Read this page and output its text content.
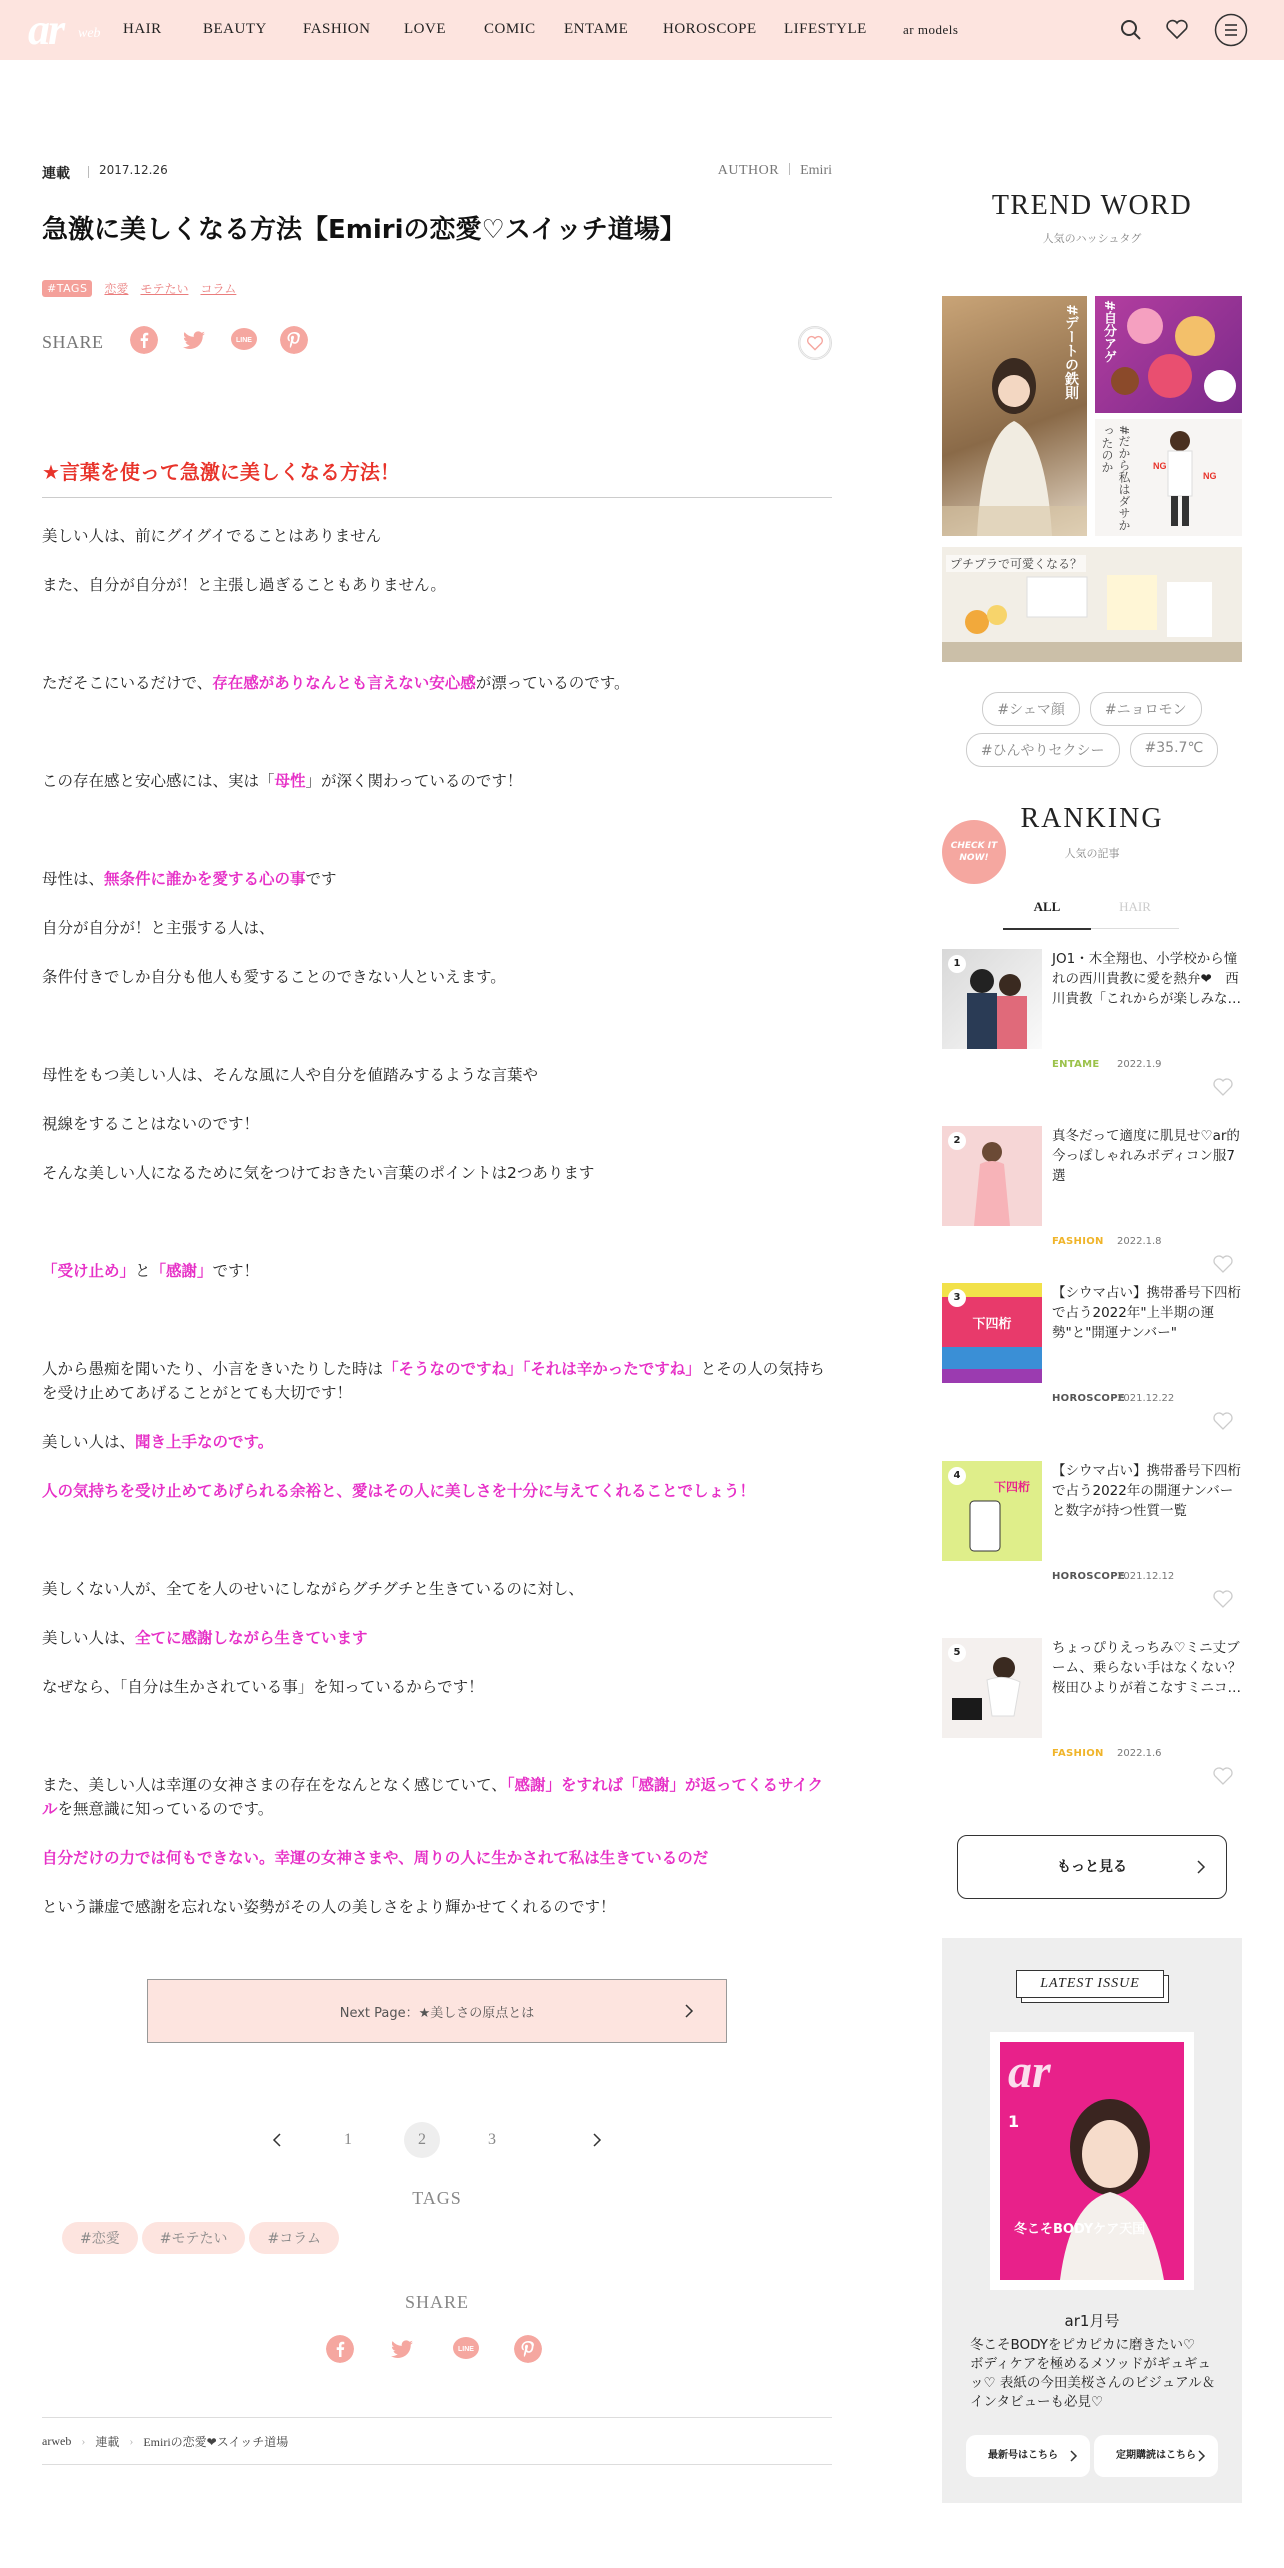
ar web HAIR	BEAUTY FASHION LOVE	COMIC ENTAME HOROSCOPE LIFESTYLE	ar models
連載 2017.12.26	AUTHOR Emiri
急激に美しくなる方法【Emiriの恋愛♡スイッチ道場】
#TAGS	恋愛 モテたい コラム
SHARE	LINE
★言葉を使って急激に美しくなる方法！

美しい人は、前にグイグイでることはありません

また、自分が自分が！と主張し過ぎることもありません。

ただそこにいるだけで、存在感がありなんとも言えない安心感が漂っているのです。

この存在感と安心感には、実は「母性」が深く関わっているのです！

母性は、無条件に誰かを愛する心の事です

自分が自分が！と主張する人は、

条件付きでしか自分も他人も愛することのできない人といえます。

母性をもつ美しい人は、そんな風に人や自分を値踏みするような言葉や

視線をすることはないのです！

そんな美しい人になるために気をつけておきたい言葉のポイントは2つあります

「受け止め」と「感謝」です！

人から愚痴を聞いたり、小言をきいたりした時は「そうなのですね」「それは辛かったですね」とその人の気持ちを受け止めてあげることがとても大切です！

美しい人は、聞き上手なのです。

人の気持ちを受け止めてあげられる余裕と、愛はその人に美しさを十分に与えてくれることでしょう！

美しくない人が、全てを人のせいにしながらグチグチと生きているのに対し、

美しい人は、全てに感謝しながら生きています

なぜなら、「自分は生かされている事」を知っているからです！

また、美しい人は幸運の女神さまの存在をなんとなく感じていて、「感謝」をすれば「感謝」が返ってくるサイクルを無意識に知っているのです。

自分だけの力では何もできない。幸運の女神さまや、周りの人に生かされて私は生きているのだ

という謙虚で感謝を忘れない姿勢がその人の美しさをより輝かせてくれるのです！

Next Page：★美しさの原点とは
1	2	3
TAGS
#恋愛	#モテたい	#コラム
SHARE
LINE
arweb › 連載 › Emiriの恋愛❤スイッチ道場
TREND WORD
人気のハッシュタグ
#デートの鉄則 #自分アゲ
NG
NG
#だから私はダサかったのか
プチプラで可愛くなる？
#シェマ顔	#ニョロモン
#ひんやりセクシー	#35.7℃
CHECK IT NOW!
RANKING
人気の記事
ALL	HAIR
1	JO1・木全翔也、小学校から憧れの西川貴教に愛を熱弁❤　西川貴教「これからが楽しみな…
ENTAME 2022.1.9
2	真冬だって適度に肌見せ♡ar的今っぽしゃれみボディコン服7選
FASHION 2022.1.8
下四桁
3	【シウマ占い】携帯番号下四桁で占う2022年"上半期の運勢"と"開運ナンバー"
HOROSCOPE
2021.12.22
下四桁
4	【シウマ占い】携帯番号下四桁で占う2022年の開運ナンバーと数字が持つ性質一覧
HOROSCOPE
2021.12.12
5	ちょっぴりえっちみ♡ミニ丈ブーム、乗らない手はなくない？桜田ひよりが着こなすミニコ…
FASHION 2022.1.6
もっと見る
LATEST ISSUE
ar
1
冬こそBODYケア天国
ar1月号
冬こそBODYをピカピカに磨きたい♡　ボディケアを極めるメソッドがギュギュッ♡ 表紙の今田美桜さんのビジュアル＆インタビューも必見♡
最新号はこちら	定期購読はこちら
